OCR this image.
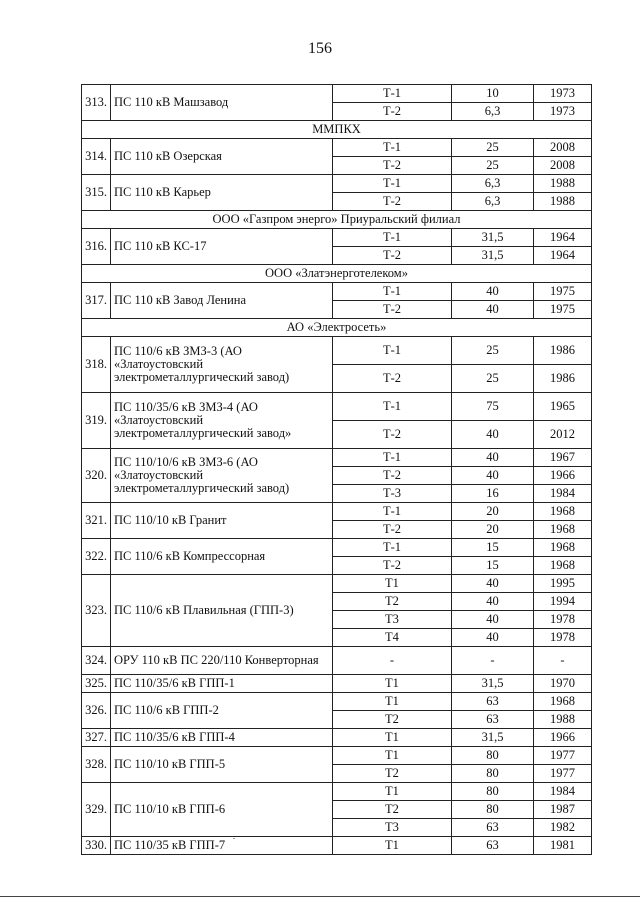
156
313.	ПС 110 кВ Машзавод	Т-1	10	1973
		Т-2	6,3	1973
ММПКХ				
314.	ПС 110 кВ Озерская	Т-1	25	2008
		Т-2	25	2008
315.	ПС 110 кВ Карьер	Т-1	6,3	1988
		Т-2	6,3	1988
ООО «Газпром энерго» Приуральский филиал				
316.	ПС 110 кВ КС-17	Т-1	31,5	1964
		Т-2	31,5	1964
ООО «Златэнерготелеком»				
317.	ПС 110 кВ Завод Ленина	Т-1	40	1975
		Т-2	40	1975
АО «Электросеть»				
318.	ПС 110/6 кВ ЗМЗ-3 (АО «Златоустовский электрометаллургический завод)	Т-1	25	1986
		Т-2	25	1986
319.	ПС 110/35/6 кВ ЗМЗ-4 (АО «Златоустовский электрометаллургический завод»	Т-1	75	1965
		Т-2	40	2012
320.	ПС 110/10/6 кВ ЗМЗ-6 (АО «Златоустовский электрометаллургический завод)	Т-1	40	1967
		Т-2	40	1966
		Т-3	16	1984
321.	ПС 110/10 кВ Гранит	Т-1	20	1968
		Т-2	20	1968
322.	ПС 110/6 кВ Компрессорная	Т-1	15	1968
		Т-2	15	1968
323.	ПС 110/6 кВ Плавильная (ГПП-3)	Т1	40	1995
		Т2	40	1994
		Т3	40	1978
		Т4	40	1978
324.	ОРУ 110 кВ ПС 220/110 Конверторная	-	-	-
325.	ПС 110/35/6 кВ ГПП-1	Т1	31,5	1970
326.	ПС 110/6 кВ ГПП-2	Т1	63	1968
		Т2	63	1988
327.	ПС 110/35/6 кВ ГПП-4	Т1	31,5	1966
328.	ПС 110/10 кВ ГПП-5	Т1	80	1977
		Т2	80	1977
329.	ПС 110/10 кВ ГПП-6	Т1	80	1984
		Т2	80	1987
		Т3	63	1982
330.	ПС 110/35 кВ ГПП-7	Т1	63	1981
